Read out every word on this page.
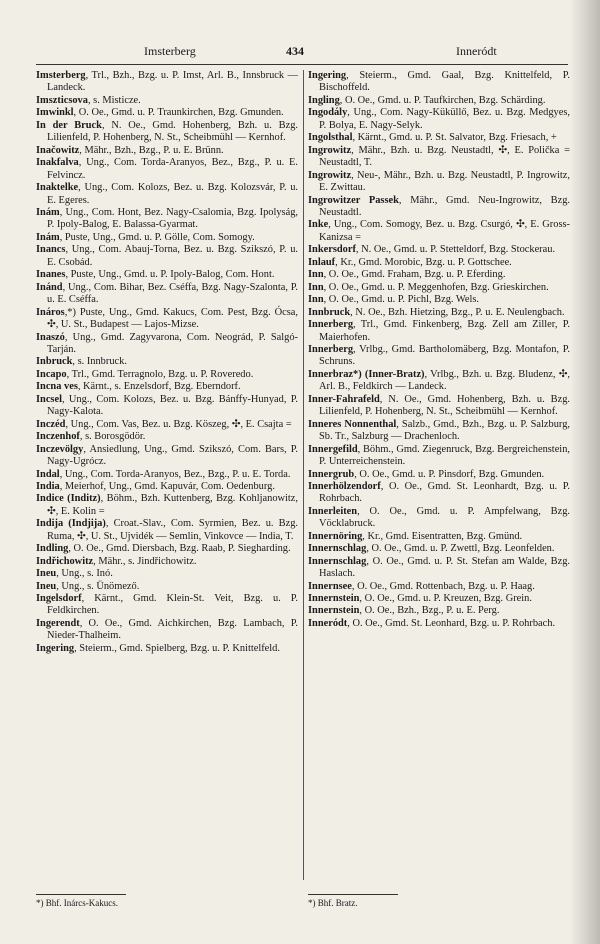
Imsterberg	434	Inneródt

Imsterberg, Trl., Bzh., Bzg. u. P. Imst, Arl. B., Innsbruck — Landeck.

Imszticsova, s. Misticze.

Imwinkl, O. Oe., Gmd. u. P. Traunkirchen, Bzg. Gmunden.

In der Bruck, N. Oe., Gmd. Hohenberg, Bzh. u. Bzg. Lilienfeld, P. Hohenberg, N. St., Scheibmühl — Kernhof.

Inačowitz, Mähr., Bzh., Bzg., P. u. E. Brünn.

Inakfalva, Ung., Com. Torda-Aranyos, Bez., Bzg., P. u. E. Felvincz.

Inaktelke, Ung., Com. Kolozs, Bez. u. Bzg. Kolozsvár, P. u. E. Egeres.

Inám, Ung., Com. Hont, Bez. Nagy-Csalomia, Bzg. Ipolyság, P. Ipoly-Balog, E. Balassa-Gyarmat.

Inám, Puste, Ung., Gmd. u. P. Gölle, Com. Somogy.

Inancs, Ung., Com. Abauj-Torna, Bez. u. Bzg. Szikszó, P. u. E. Csobád.

Inanes, Puste, Ung., Gmd. u. P. Ipoly-Balog, Com. Hont.

Inánd, Ung., Com. Bihar, Bez. Cséffa, Bzg. Nagy-Szalonta, P. u. E. Cséffa.

Ináros,*) Puste, Ung., Gmd. Kakucs, Com. Pest, Bzg. Ócsa, ✣, U. St., Budapest — Lajos-Mizse.

Inaszó, Ung., Gmd. Zagyvarona, Com. Neográd, P. Salgó-Tarján.

Inbruck, s. Innbruck.

Incapo, Trl., Gmd. Terragnolo, Bzg. u. P. Roveredo.

Incna ves, Kärnt., s. Enzelsdorf, Bzg. Eberndorf.

Incsel, Ung., Com. Kolozs, Bez. u. Bzg. Bánffy-Hunyad, P. Nagy-Kalota.

Inczéd, Ung., Com. Vas, Bez. u. Bzg. Köszeg, ✣, E. Csajta =

Inczenhof, s. Borosgödör.

Inczevölgy, Ansiedlung, Ung., Gmd. Szikszó, Com. Bars, P. Nagy-Ugrócz.

Indal, Ung., Com. Torda-Aranyos, Bez., Bzg., P. u. E. Torda.

India, Meierhof, Ung., Gmd. Kapuvár, Com. Oedenburg.

Indice (Inditz), Böhm., Bzh. Kuttenberg, Bzg. Kohljanowitz, ✣, E. Kolin =

Indija (Indjija), Croat.-Slav., Com. Syrmien, Bez. u. Bzg. Ruma, ✣, U. St., Ujvidék — Semlin, Vinkovce — India, T.

Indling, O. Oe., Gmd. Diersbach, Bzg. Raab, P. Siegharding.

Indřichowitz, Mähr., s. Jindřichowitz.

Ineu, Ung., s. Inó.

Ineu, Ung., s. Ünömező.

Ingelsdorf, Kärnt., Gmd. Klein-St. Veit, Bzg. u. P. Feldkirchen.

Ingerendt, O. Oe., Gmd. Aichkirchen, Bzg. Lambach, P. Nieder-Thalheim.

Ingering, Steierm., Gmd. Spielberg, Bzg. u. P. Knittelfeld.

Ingering, Steierm., Gmd. Gaal, Bzg. Knittelfeld, P. Bischoffeld.

Ingling, O. Oe., Gmd. u. P. Taufkirchen, Bzg. Schärding.

Ingodály, Ung., Com. Nagy-Küküllő, Bez. u. Bzg. Medgyes, P. Bolya, E. Nagy-Selyk.

Ingolsthal, Kärnt., Gmd. u. P. St. Salvator, Bzg. Friesach, +

Ingrowitz, Mähr., Bzh. u. Bzg. Neustadtl, ✣, E. Polička = Neustadtl, T.

Ingrowitz, Neu-, Mähr., Bzh. u. Bzg. Neustadtl, P. Ingrowitz, E. Zwittau.

Ingrowitzer Passek, Mähr., Gmd. Neu-Ingrowitz, Bzg. Neustadtl.

Inke, Ung., Com. Somogy, Bez. u. Bzg. Csurgó, ✣, E. Gross-Kanizsa =

Inkersdorf, N. Oe., Gmd. u. P. Stetteldorf, Bzg. Stockerau.

Inlauf, Kr., Gmd. Morobic, Bzg. u. P. Gottschee.

Inn, O. Oe., Gmd. Fraham, Bzg. u. P. Eferding.

Inn, O. Oe., Gmd. u. P. Meggenhofen, Bzg. Grieskirchen.

Inn, O. Oe., Gmd. u. P. Pichl, Bzg. Wels.

Innbruck, N. Oe., Bzh. Hietzing, Bzg., P. u. E. Neulengbach.

Innerberg, Trl., Gmd. Finkenberg, Bzg. Zell am Ziller, P. Maierhofen.

Innerberg, Vrlbg., Gmd. Bartholomäberg, Bzg. Montafon, P. Schruns.

Innerbraz*) (Inner-Bratz), Vrlbg., Bzh. u. Bzg. Bludenz, ✣, Arl. B., Feldkirch — Landeck.

Inner-Fahrafeld, N. Oe., Gmd. Hohenberg, Bzh. u. Bzg. Lilienfeld, P. Hohenberg, N. St., Scheibmühl — Kernhof.

Inneres Nonnenthal, Salzb., Gmd., Bzh., Bzg. u. P. Salzburg, Sb. Tr., Salzburg — Drachenloch.

Innergefild, Böhm., Gmd. Ziegenruck, Bzg. Bergreichenstein, P. Unterreichenstein.

Innergrub, O. Oe., Gmd. u. P. Pinsdorf, Bzg. Gmunden.

Innerhölzendorf, O. Oe., Gmd. St. Leonhardt, Bzg. u. P. Rohrbach.

Innerleiten, O. Oe., Gmd. u. P. Ampfelwang, Bzg. Vöcklabruck.

Innernöring, Kr., Gmd. Eisentratten, Bzg. Gmünd.

Innernschlag, O. Oe., Gmd. u. P. Zwettl, Bzg. Leonfelden.

Innernschlag, O. Oe., Gmd. u. P. St. Stefan am Walde, Bzg. Haslach.

Innernsee, O. Oe., Gmd. Rottenbach, Bzg. u. P. Haag.

Innernstein, O. Oe., Gmd. u. P. Kreuzen, Bzg. Grein.

Innernstein, O. Oe., Bzh., Bzg., P. u. E. Perg.

Inneródt, O. Oe., Gmd. St. Leonhard, Bzg. u. P. Rohrbach.

*) Bhf. Inárcs-Kakucs.	*) Bhf. Bratz.
